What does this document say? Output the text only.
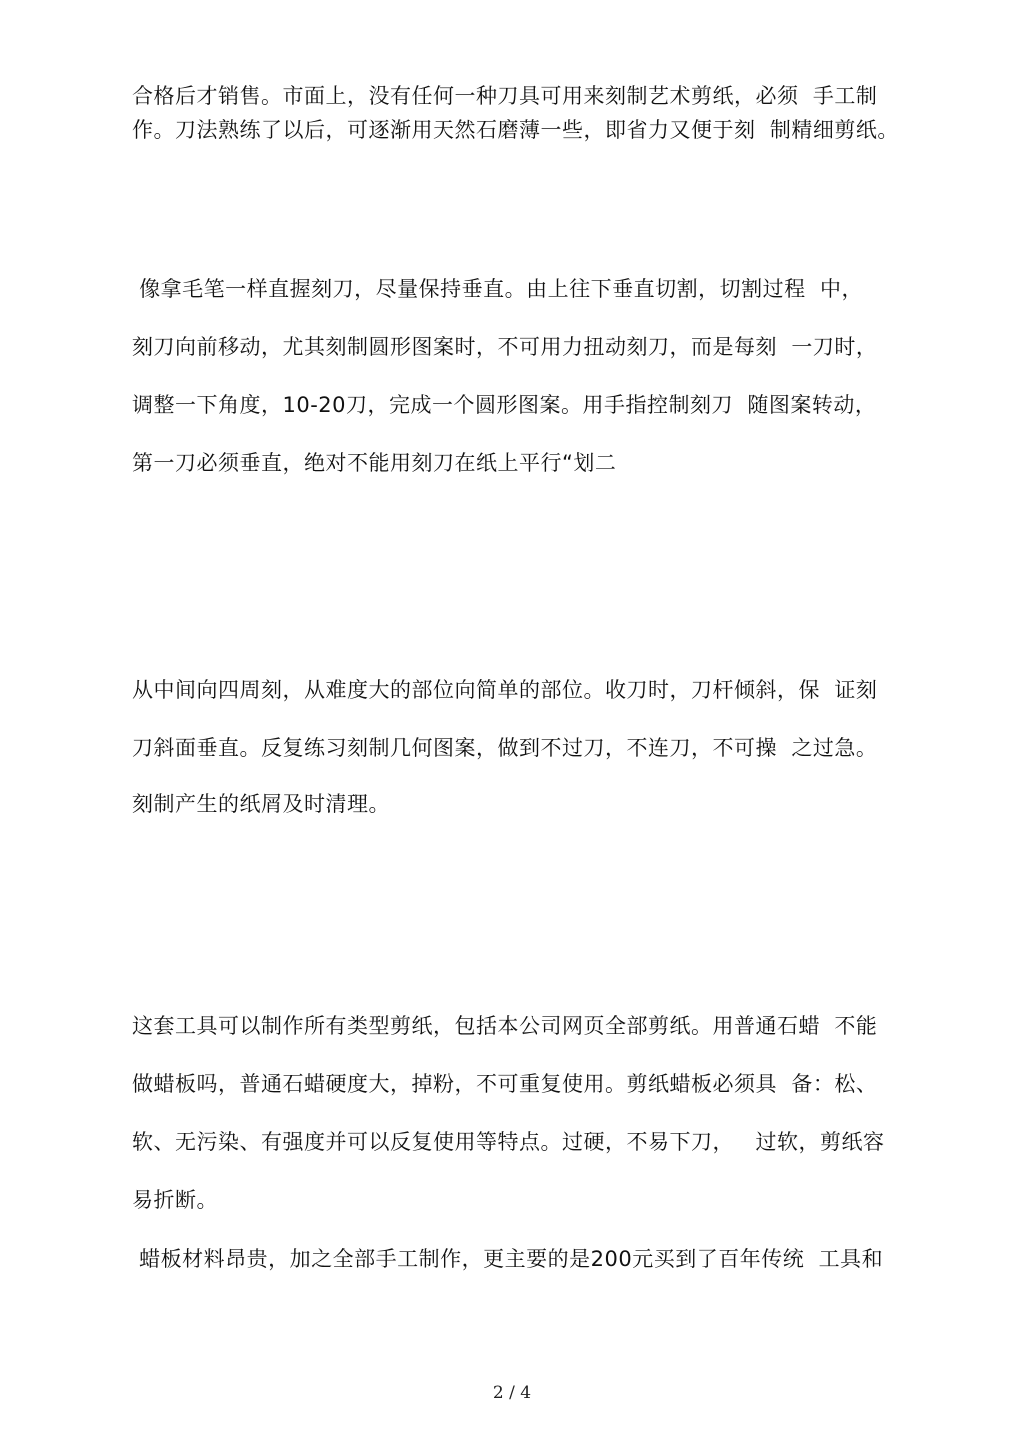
合格后才销售。市面上，没有任何一种刀具可用来刻制艺术剪纸，必须  手工制
作。刀法熟练了以后，可逐渐用天然石磨薄一些，即省力又便于刻  制精细剪纸。
像拿毛笔一样直握刻刀，尽量保持垂直。由上往下垂直切割，切割过程  中，
刻刀向前移动，尤其刻制圆形图案时，不可用力扭动刻刀，而是每刻  一刀时，
调整一下角度，10-20刀，完成一个圆形图案。用手指控制刻刀  随图案转动，
第一刀必须垂直，绝对不能用刻刀在纸上平行“划二
从中间向四周刻，从难度大的部位向简单的部位。收刀时，刀杆倾斜，保  证刻
刀斜面垂直。反复练习刻制几何图案，做到不过刀，不连刀，不可操  之过急。
刻制产生的纸屑及时清理。
这套工具可以制作所有类型剪纸，包括本公司网页全部剪纸。用普通石蜡  不能
做蜡板吗，普通石蜡硬度大，掉粉，不可重复使用。剪纸蜡板必须具  备：松、
软、无污染、有强度并可以反复使用等特点。过硬，不易下刀，   过软，剪纸容
易折断。
蜡板材料昂贵，加之全部手工制作，更主要的是200元买到了百年传统  工具和
2 / 4
